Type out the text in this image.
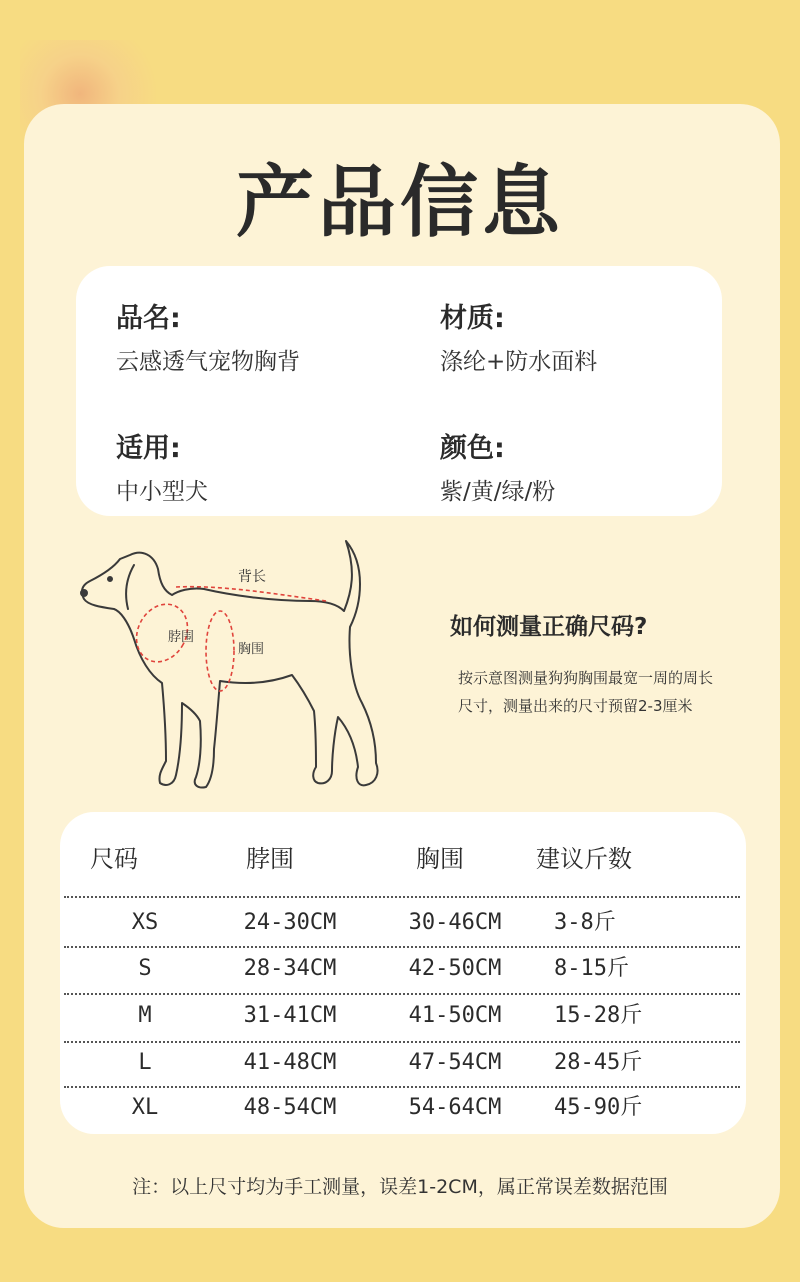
产品信息
品名:
云感透气宠物胸背
材质:
涤纶+防水面料
适用:
中小型犬
颜色:
紫/黄/绿/粉
背长
脖围
胸围
如何测量正确尺码?
按示意图测量狗狗胸围最宽一周的周长尺寸，测量出来的尺寸预留2-3厘米
尺码	脖围	胸围	建议斤数
XS	24-30CM	30-46CM	3-8斤
S	28-34CM	42-50CM	8-15斤
M	31-41CM	41-50CM	15-28斤
L	41-48CM	47-54CM	28-45斤
XL	48-54CM	54-64CM	45-90斤
注：以上尺寸均为手工测量，误差1-2CM，属正常误差数据范围
